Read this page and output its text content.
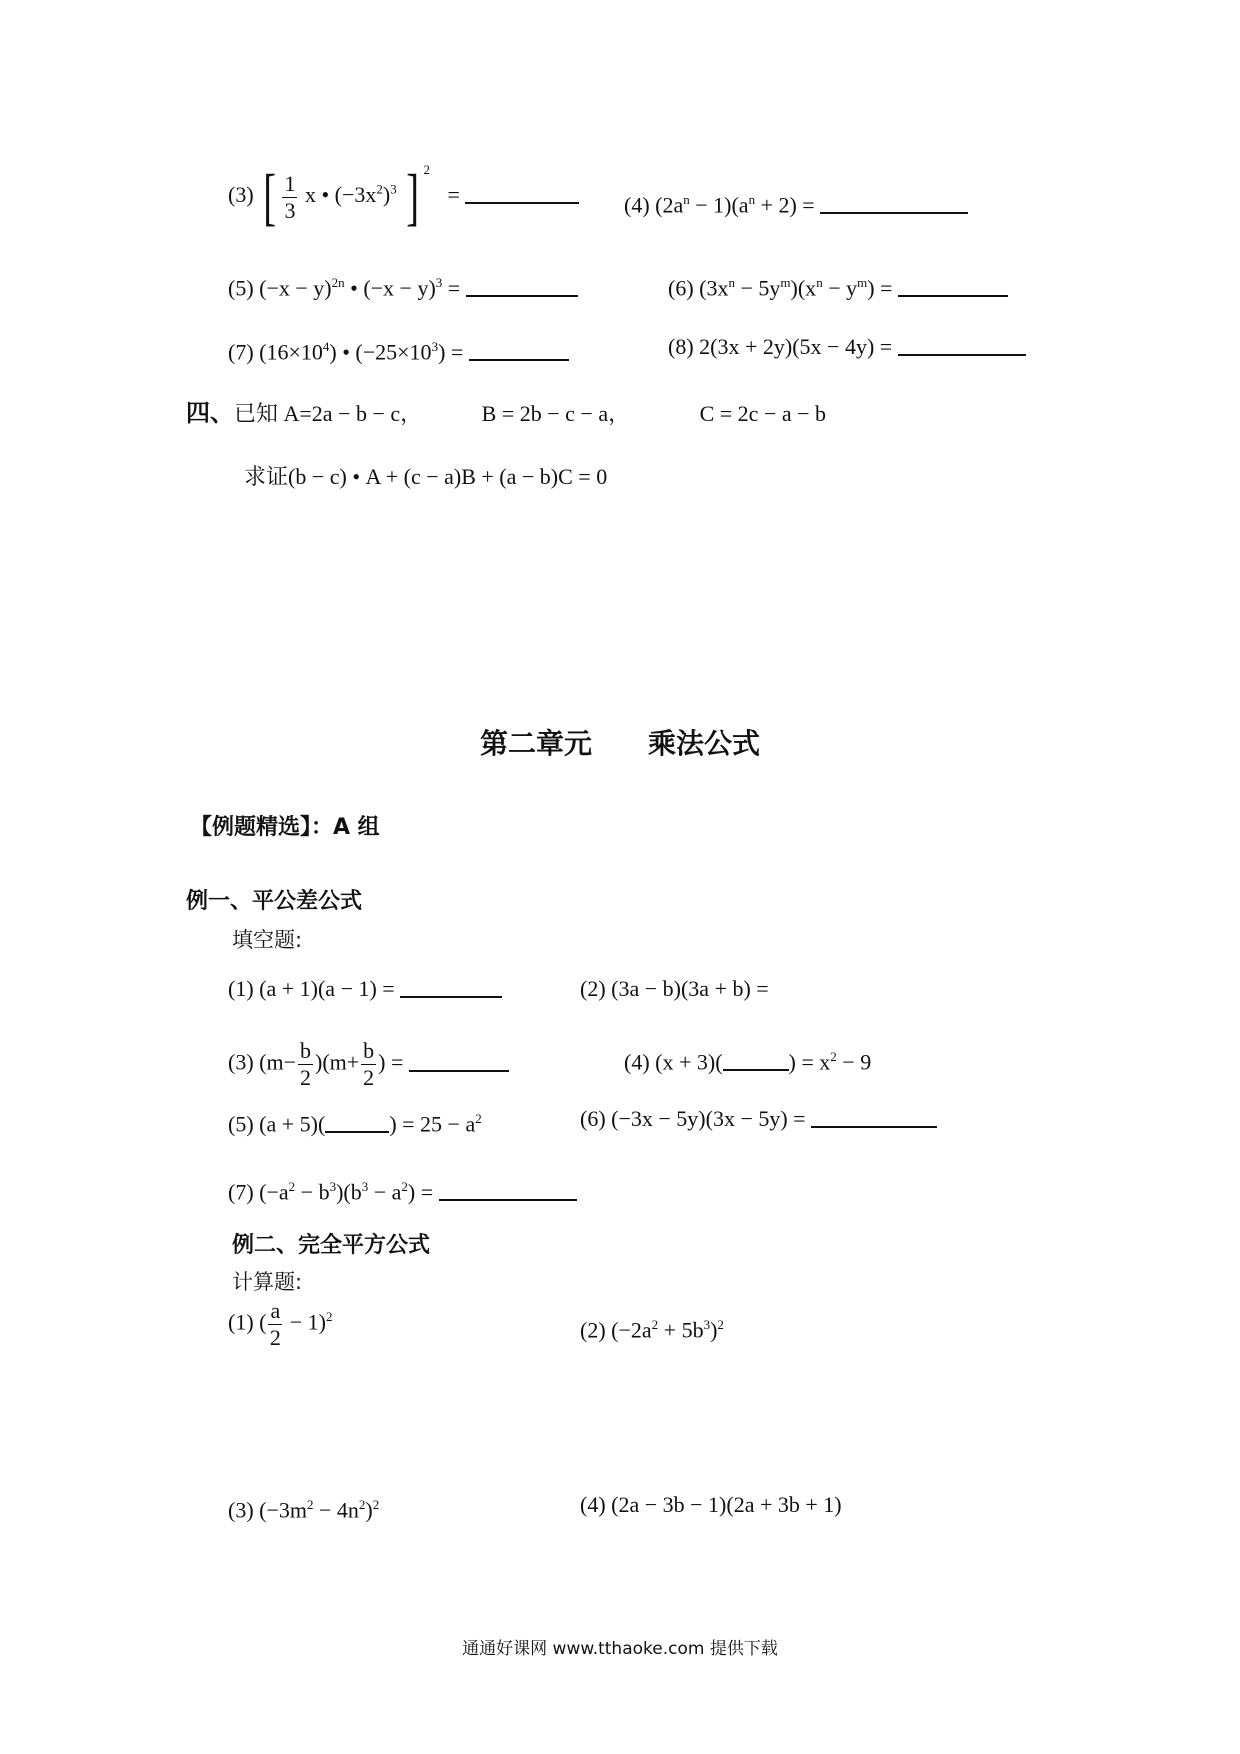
(3) [ $\frac{1}{3}$ x • $(-3x^2)^3$ ] $^2$ =	(4) $(2a^n - 1)(a^n + 2)$ =
(5) $(-x - y)^{2n}$ • $(-x - y)^3$ =	(6) $(3x^n - 5y^m)(x^n - y^m)$ =
(7) $(16\times 10^4)$ • $(-25\times 10^3)$ =	(8) 2(3x + 2y)(5x − 4y) =
四、已知 A=2a − b − c，	B = 2b − c − a，	C = 2c − a − b
求证(b − c) • A + (c − a)B + (a − b)C = 0
第二章元　　乘法公式
【例题精选】：A 组
例一、平公差公式
填空题:
(1) (a + 1)(a − 1) =	(2) (3a − b)(3a + b) =
(3) $(m- \frac{b}{2} )(m+ \frac{b}{2}$ ) =	(4) (x + 3)(	) = $x^2 - 9$
(5) (a + 5)(	) = $25 - a^2$	(6) (−3x − 5y)(3x − 5y) =
(7) $(-a^2 - b^3)(b^3 - a^2)$ =
例二、完全平方公式
计算题:
(1) ( $\frac{a}{2} - 1)^2$
(2) $(-2a^2 + 5b^3)^2$
(3) $(-3m^2 - 4n^2)^2$	(4) (2a − 3b − 1)(2a + 3b + 1)
通通好课网 www.tthaoke.com 提供下载
